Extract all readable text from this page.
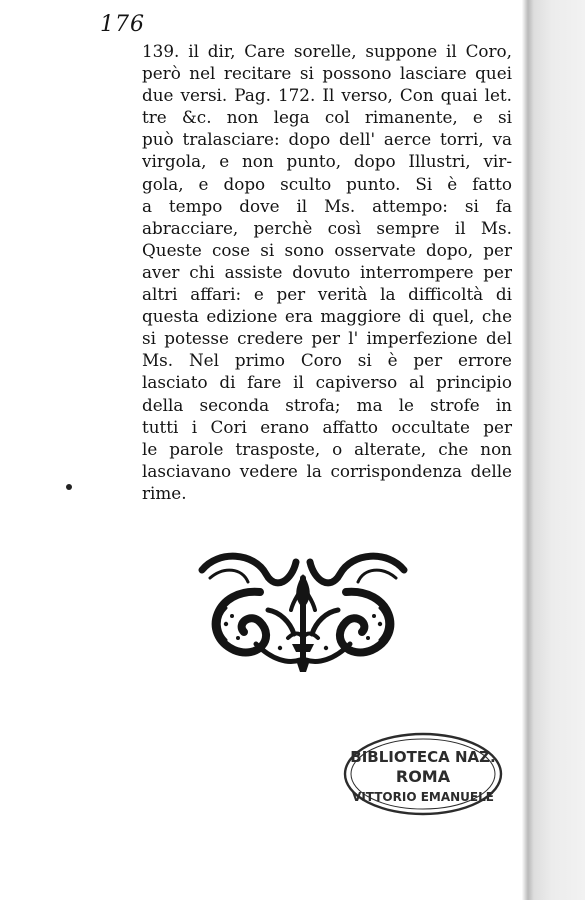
176
139. il dir, Care sorelle, suppone il Coro,
però nel recitare si possono lasciare quei
due versi. Pag. 172. Il verso, Con quai let.
tre &c. non lega col rimanente, e si
può tralasciare: dopo dell' aerce torri, va
virgola, e non punto, dopo Illustri, vir-
gola, e dopo sculto punto. Si è fatto
a tempo dove il Ms. attempo: si fa
abracciare, perchè così sempre il Ms.
Queste cose si sono osservate dopo, per
aver chi assiste dovuto interrompere per
altri affari: e per verità la difficoltà di
questa edizione era maggiore di quel, che
si potesse credere per l' imperfezione del
Ms. Nel primo Coro si è per errore
lasciato di fare il capiverso al principio
della seconda strofa; ma le strofe in
tutti i Cori erano affatto occultate per
le parole trasposte, o alterate, che non
lasciavano vedere la corrispondenza delle
rime.
BIBLIOTECA NAZ.
ROMA
VITTORIO EMANUELE
